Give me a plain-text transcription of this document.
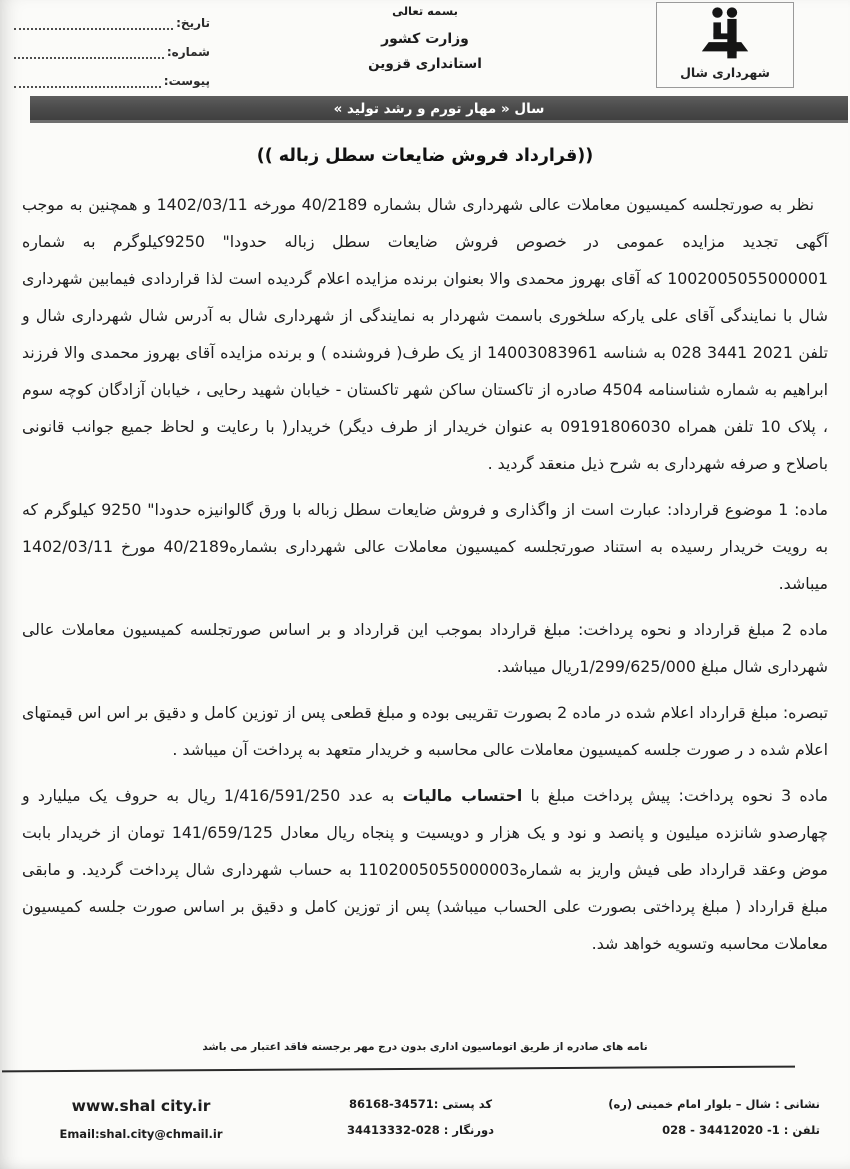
شهرداری شال
بسمه تعالی
وزارت کشور
استانداری قزوین
تاریخ:
شماره:
پیوست:
سال « مهار تورم و رشد تولید »
((قرارداد فروش ضایعات سطل زباله ))

نظر به صورتجلسه کمیسیون معاملات عالی شهرداری شال بشماره 40/2189 مورخه 1402/03/11 و همچنین به موجب آگهی تجدید مزایده عمومی در خصوص فروش ضایعات سطل زباله حدودا" 9250کیلوگرم به شماره 1002005055000001 که آقای بهروز محمدی والا بعنوان برنده مزایده اعلام گردیده است لذا قراردادی فیمابین شهرداری شال با نمایندگی آقای علی یارکه سلخوری باسمت شهردار به نمایندگی از شهرداری شال به آدرس شال شهرداری شال و تلفن 2021 3441 028 به شناسه 14003083961 از یک طرف( فروشنده ) و برنده مزایده آقای بهروز محمدی والا فرزند ابراهیم به شماره شناسنامه 4504 صادره از تاکستان ساکن شهر تاکستان - خیابان شهید رحایی ، خیابان آزادگان کوچه سوم ، پلاک 10 تلفن همراه 09191806030 به عنوان خریدار از طرف دیگر) خریدار( با رعایت و لحاظ جمیع جوانب قانونی باصلاح و صرفه شهرداری به شرح ذیل منعقد گردید .

ماده: 1 موضوع قرارداد: عبارت است از واگذاری و فروش ضایعات سطل زباله با ورق گالوانیزه حدودا" 9250 کیلوگرم که به رویت خریدار رسیده به استناد صورتجلسه کمیسیون معاملات عالی شهرداری بشماره40/2189 مورخ 1402/03/11 میباشد.

ماده 2 مبلغ قرارداد و نحوه پرداخت: مبلغ قرارداد بموجب این قرارداد و بر اساس صورتجلسه کمیسیون معاملات عالی شهرداری شال مبلغ 1/299/625/000ریال میباشد.

تبصره: مبلغ قرارداد اعلام شده در ماده 2 بصورت تقریبی بوده و مبلغ قطعی پس از توزین کامل و دقیق بر اس اس قیمتهای اعلام شده د ر صورت جلسه کمیسیون معاملات عالی محاسبه و خریدار متعهد به پرداخت آن میباشد .

ماده 3 نحوه پرداخت: پیش پرداخت مبلغ با احتساب مالیات به عدد 1/416/591/250 ریال به حروف یک میلیارد و چهارصدو شانزده میلیون و پانصد و نود و یک هزار و دویسیت و پنجاه ریال معادل 141/659/125 تومان از خریدار بابت موض وعقد قرارداد طی فیش واریز به شماره1102005055000003 به حساب شهرداری شال پرداخت گردید. و مابقی مبلغ قرارداد ( مبلغ پرداختی بصورت علی الحساب میباشد) پس از توزین کامل و دقیق بر اساس صورت جلسه کمیسیون معاملات محاسبه وتسویه خواهد شد.

نامه های صادره از طریق اتوماسیون اداری بدون درج مهر برجسته فاقد اعتبار می باشد
نشانی : شال – بلوار امام خمینی (ره)
تلفن : 1- 34412020 - 028
کد پستی :34571-86168
دورنگار : 028-34413332
www.shal city.ir
Email:shal.city@chmail.ir
